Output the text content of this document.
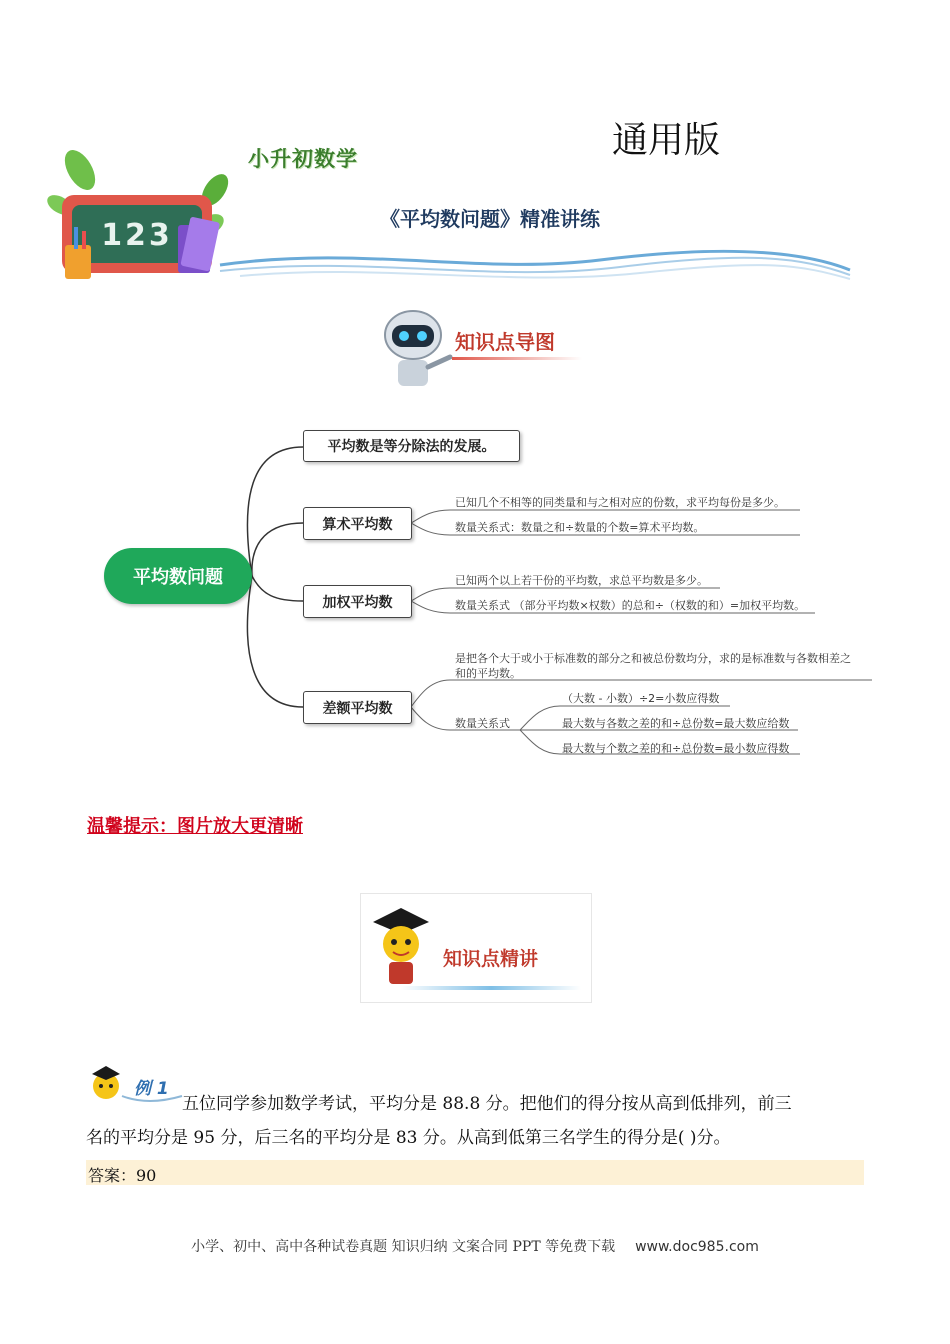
通用版
小升初数学
《平均数问题》精准讲练
123
知识点导图
平均数问题
平均数是等分除法的发展。
算术平均数
加权平均数
差额平均数
已知几个不相等的同类量和与之相对应的份数，求平均每份是多少。
数量关系式：数量之和÷数量的个数=算术平均数。
已知两个以上若干份的平均数，求总平均数是多少。
数量关系式 （部分平均数×权数）的总和÷（权数的和）=加权平均数。
是把各个大于或小于标准数的部分之和被总份数均分，求的是标准数与各数相差之
和的平均数。
数量关系式
（大数 - 小数）÷2=小数应得数
最大数与各数之差的和÷总份数=最大数应给数
最大数与个数之差的和÷总份数=最小数应得数
温馨提示：图片放大更清晰
知识点精讲
例 1
五位同学参加数学考试，平均分是 88.8 分。把他们的得分按从高到低排列，前三
名的平均分是 95 分，后三名的平均分是 83 分。从高到低第三名学生的得分是( )分。
答案：90
小学、初中、高中各种试卷真题 知识归纳 文案合同 PPT 等免费下载 www.doc985.com
